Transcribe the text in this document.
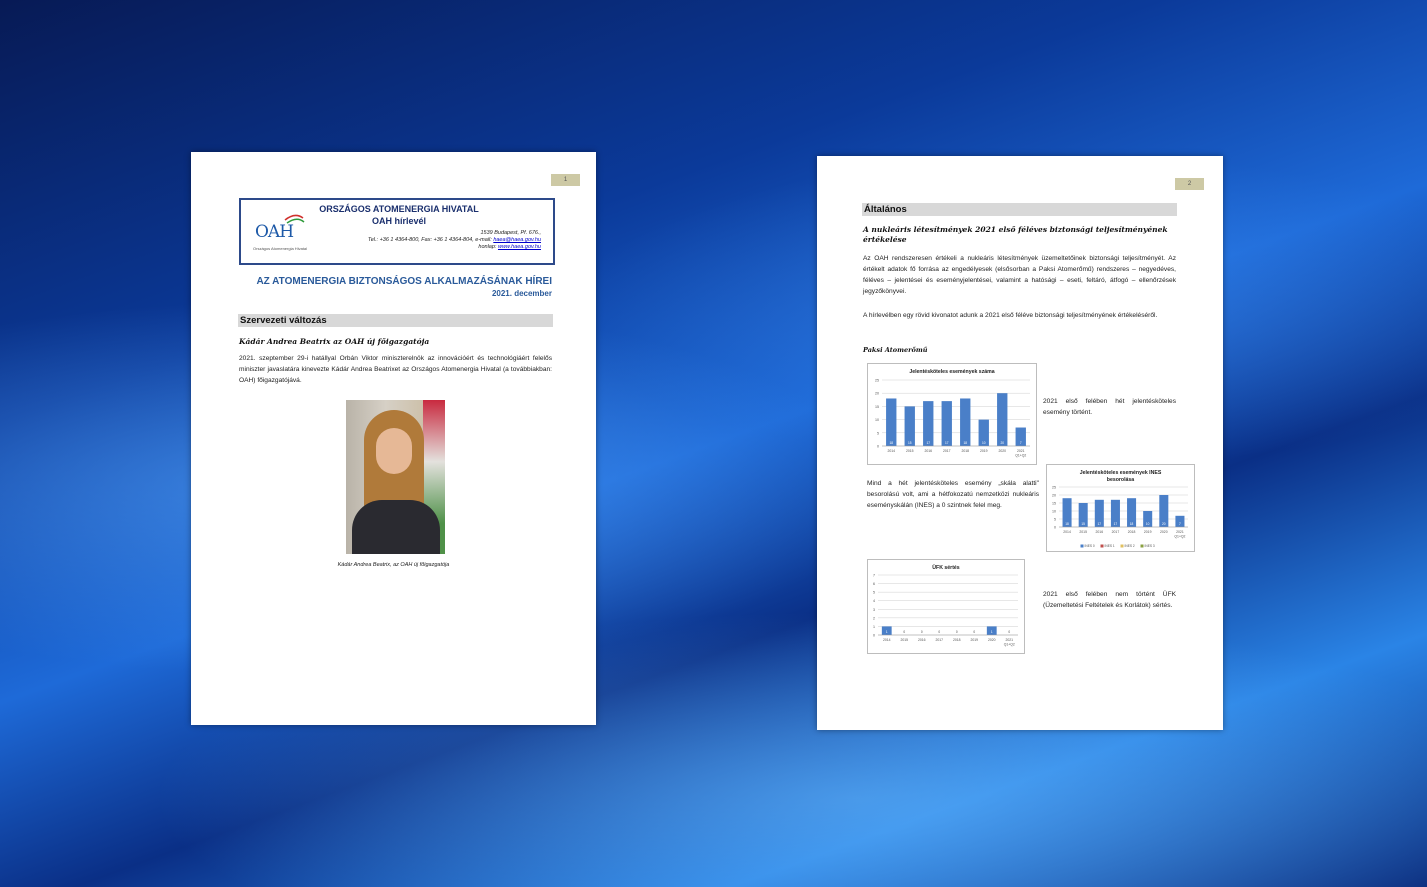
1
OAH
Országos Atomenergia Hivatal

ORSZÁGOS ATOMENERGIA HIVATAL

OAH hírlevél

1539 Budapest, Pf. 676.,

Tel.: +36 1 4364-800, Fax: +36 1 4364-804, e-mail: haea@haea.gov.hu

honlap: www.haea.gov.hu

AZ ATOMENERGIA BIZTONSÁGOS ALKALMAZÁSÁNAK HÍREI
2021. december
Szervezeti változás

Kádár Andrea Beatrix az OAH új főigazgatója

2021. szeptember 29-i hatállyal Orbán Viktor miniszterelnök az innovációért és technológiáért felelős miniszter javaslatára kinevezte Kádár Andrea Beatrixet az Országos Atomenergia Hivatal (a továbbiakban: OAH) főigazgatójává.

Kádár Andrea Beatrix, az OAH új főigazgatója
2
Általános

A nukleáris létesítmények 2021 első féléves biztonsági teljesítményének értékelése

Az OAH rendszeresen értékeli a nukleáris létesítmények üzemeltetőinek biztonsági teljesítményét. Az értékelt adatok fő forrása az engedélyesek (elsősorban a Paksi Atomerőmű) rendszeres – negyedéves, féléves – jelentései és eseményjelentései, valamint a hatósági – eseti, feltáró, átfogó – ellenőrzések jegyzőkönyvei.

A hírlevélben egy rövid kivonatot adunk a 2021 első féléve biztonsági teljesítményének értékeléséről.

Paksi Atomerőmű

Jelentésköteles események száma
0
5
10
15
20
25
18
2014
15
2015
17
2016
17
2017
18
2018
10
2019
20
2020
7
2021
Q1+Q2

2021 első felében hét jelentésköteles esemény történt.

Mind a hét jelentésköteles esemény „skála alatti" besorolású volt, ami a hétfokozatú nemzetközi nukleáris eseményskálán (INES) a 0 szintnek felel meg.

Jelentésköteles események INES
besorolása
0
5
10
15
20
25
18
2014
15
2015
17
2016
17
2017
18
2018
10
2019
20
2020
7
2021
Q1+Q2
INES 0	INES 1	INES 2	INES 3
ÜFK sértés
0
1
2
3
4
5
6
7
1
2014
0
2015
0
2016
0
2017
0
2018
0
2019
1
2020
0
2021
Q1+Q2

2021 első felében nem történt ÜFK (Üzemeltetési Feltételek és Korlátok) sértés.
